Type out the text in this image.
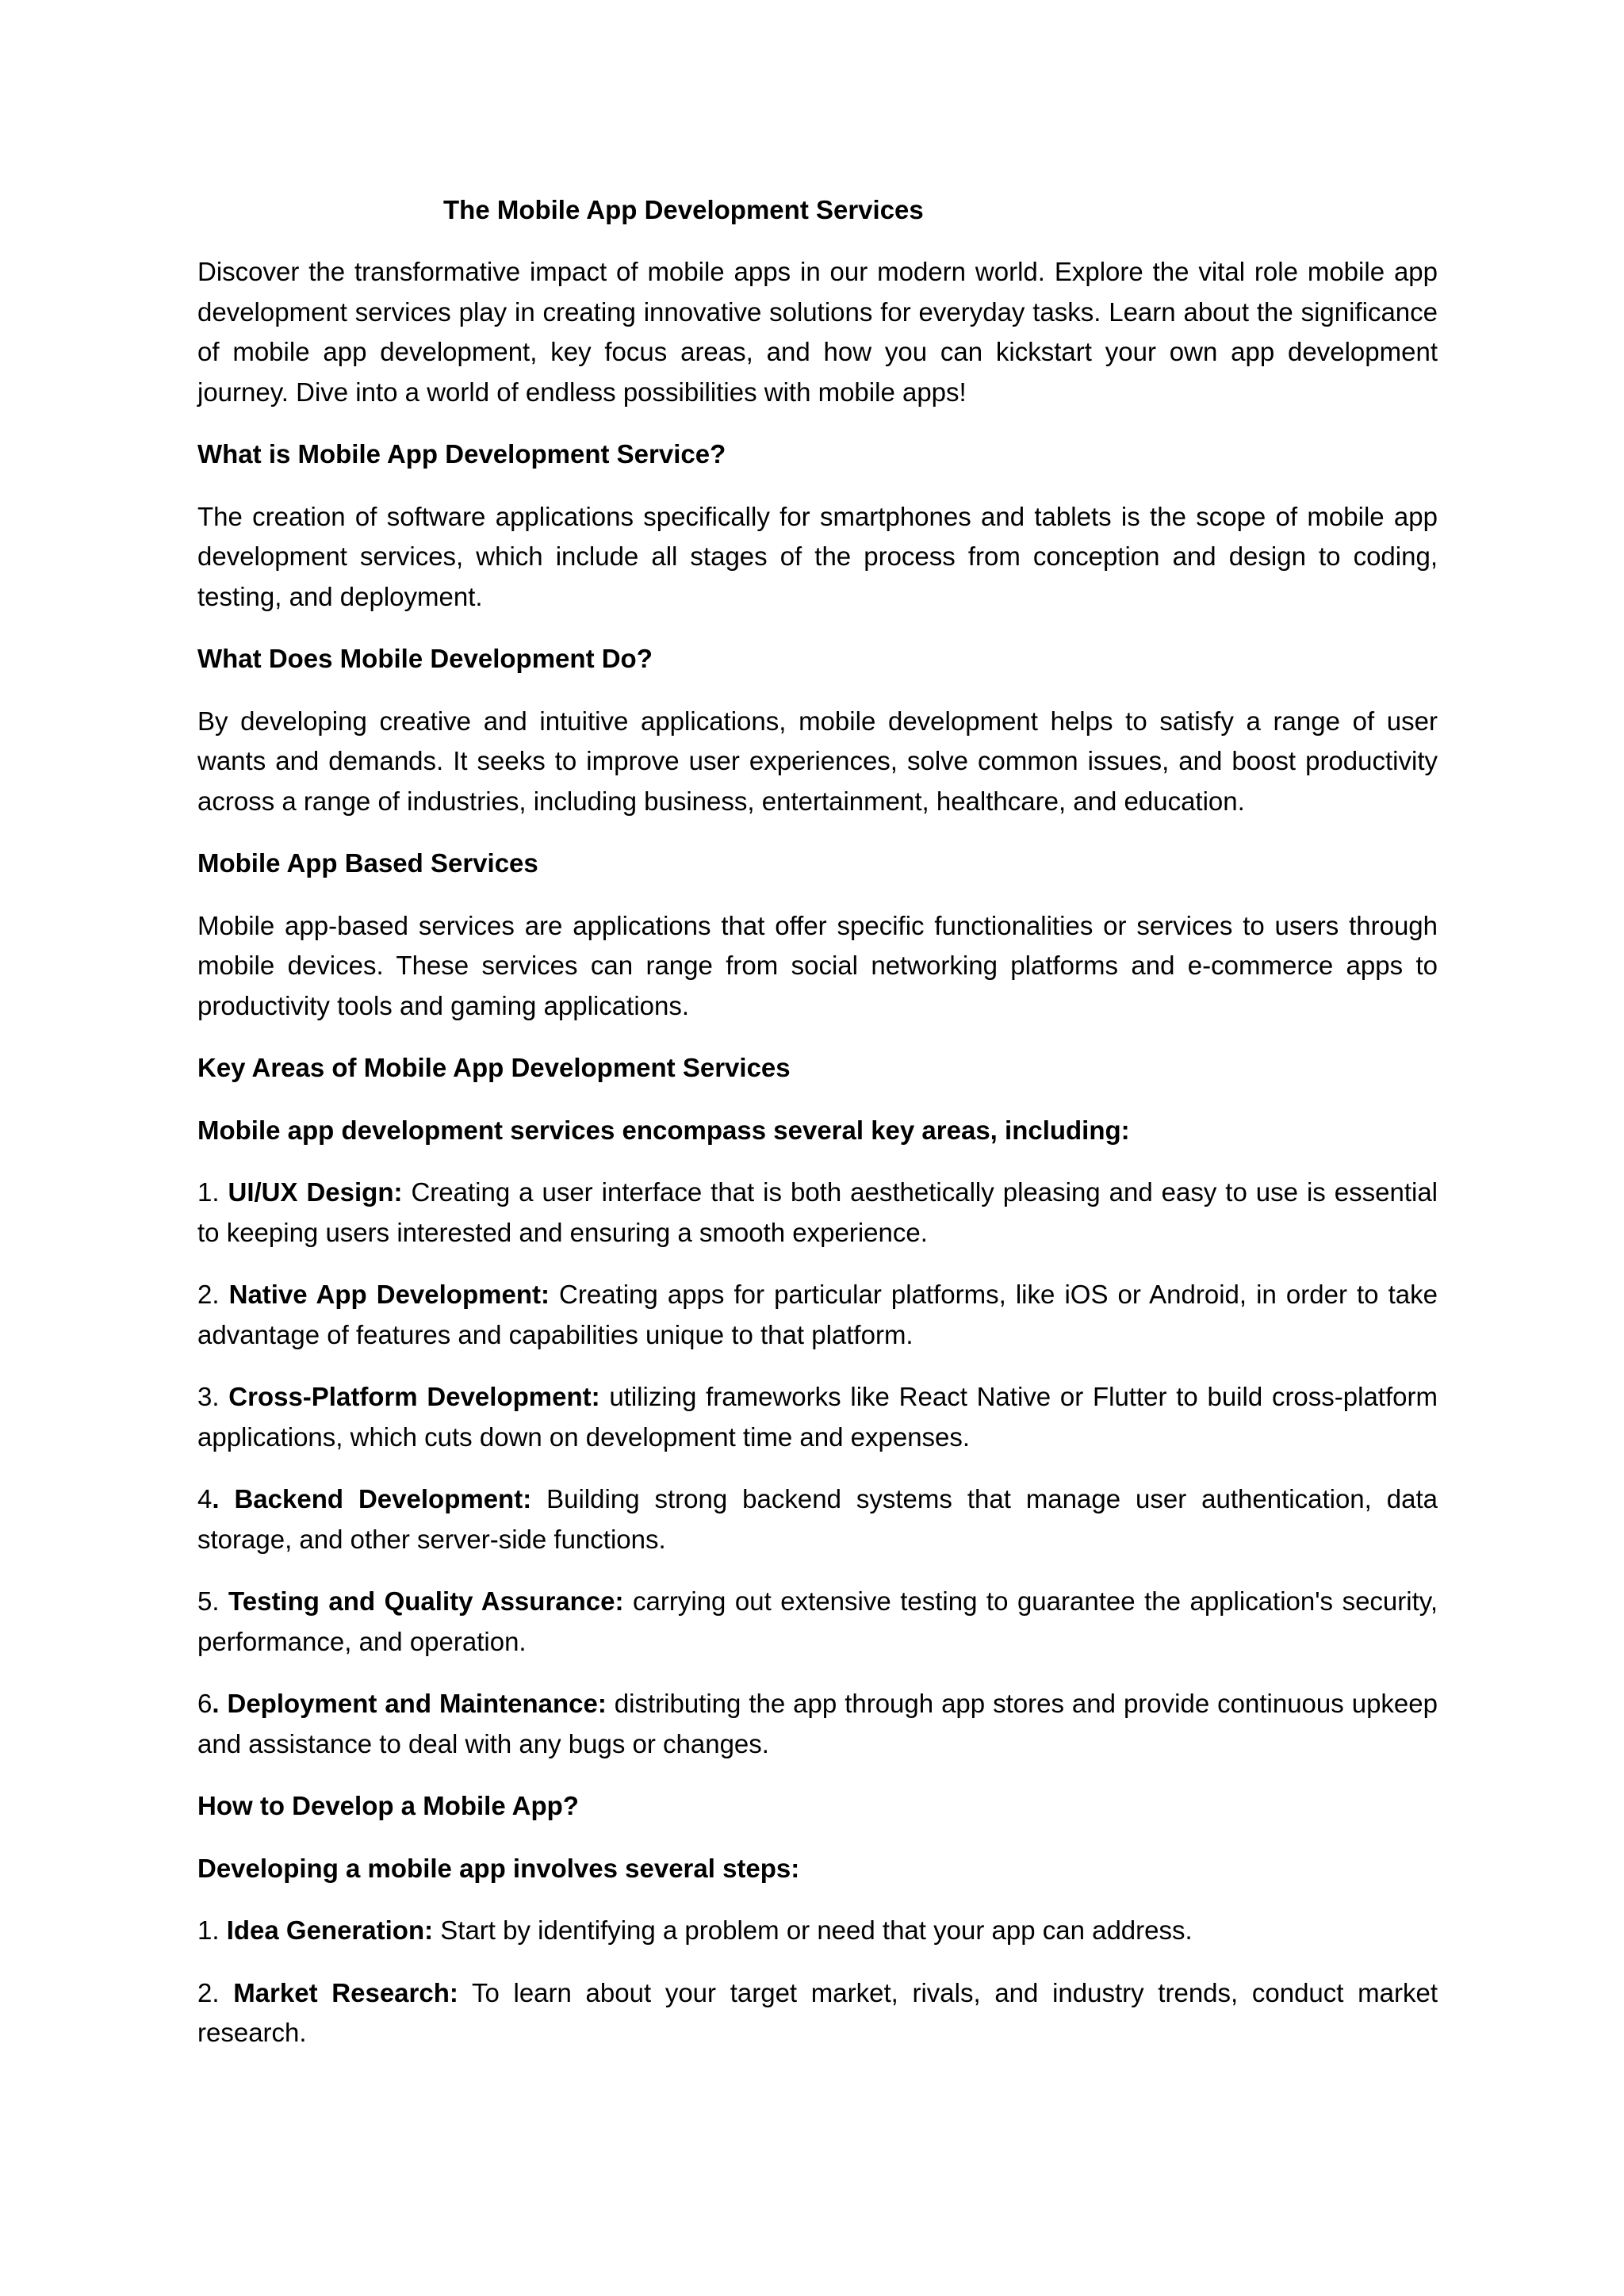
The Mobile App Development Services

Discover the transformative impact of mobile apps in our modern world. Explore the vital role mobile app development services play in creating innovative solutions for everyday tasks. Learn about the significance of mobile app development, key focus areas, and how you can kickstart your own app development journey. Dive into a world of endless possibilities with mobile apps!

What is Mobile App Development Service?

The creation of software applications specifically for smartphones and tablets is the scope of mobile app development services, which include all stages of the process from conception and design to coding, testing, and deployment.

What Does Mobile Development Do?

By developing creative and intuitive applications, mobile development helps to satisfy a range of user wants and demands. It seeks to improve user experiences, solve common issues, and boost productivity across a range of industries, including business, entertainment, healthcare, and education.

Mobile App Based Services

Mobile app-based services are applications that offer specific functionalities or services to users through mobile devices. These services can range from social networking platforms and e-commerce apps to productivity tools and gaming applications.

Key Areas of Mobile App Development Services
Mobile app development services encompass several key areas, including:

1. UI/UX Design: Creating a user interface that is both aesthetically pleasing and easy to use is essential to keeping users interested and ensuring a smooth experience.

2. Native App Development: Creating apps for particular platforms, like iOS or Android, in order to take advantage of features and capabilities unique to that platform.

3. Cross-Platform Development: utilizing frameworks like React Native or Flutter to build cross-platform applications, which cuts down on development time and expenses.

4. Backend Development: Building strong backend systems that manage user authentication, data storage, and other server-side functions.

5. Testing and Quality Assurance: carrying out extensive testing to guarantee the application's security, performance, and operation.

6. Deployment and Maintenance: distributing the app through app stores and provide continuous upkeep and assistance to deal with any bugs or changes.

How to Develop a Mobile App?
Developing a mobile app involves several steps:

1. Idea Generation: Start by identifying a problem or need that your app can address.

2. Market Research: To learn about your target market, rivals, and industry trends, conduct market research.
